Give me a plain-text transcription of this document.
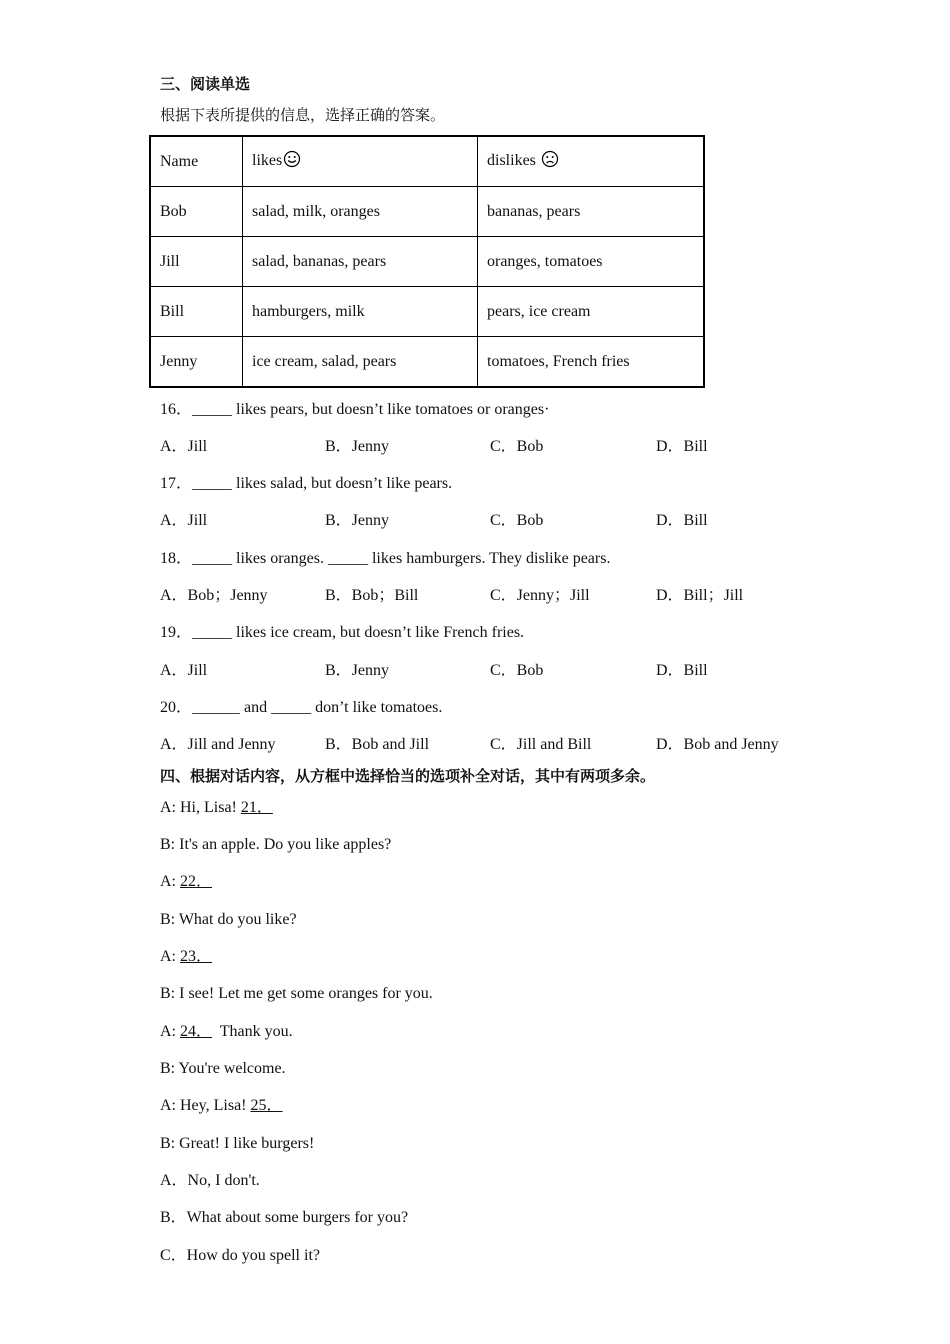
三、阅读单选
根据下表所提供的信息，选择正确的答案。
Name	likes	dislikes
Bob	salad, milk, oranges	bananas, pears
Jill	salad, bananas, pears	oranges, tomatoes
Bill	hamburgers, milk	pears, ice cream
Jenny	ice cream, salad, pears	tomatoes, French fries
16．_____ likes pears, but doesn’t like tomatoes or oranges·
A．Jill	B．Jenny	C．Bob	D．Bill
17．_____ likes salad, but doesn’t like pears.
A．Jill	B．Jenny	C．Bob	D．Bill
18．_____ likes oranges. _____ likes hamburgers. They dislike pears.
A．Bob；Jenny	B．Bob；Bill	C．Jenny；Jill	D．Bill；Jill
19．_____ likes ice cream, but doesn’t like French fries.
A．Jill	B．Jenny	C．Bob	D．Bill
20．______ and _____ don’t like tomatoes.
A．Jill and Jenny	B．Bob and Jill	C．Jill and Bill	D．Bob and Jenny
四、根据对话内容，从方框中选择恰当的选项补全对话，其中有两项多余。
A: Hi, Lisa! 21．
B: It's an apple. Do you like apples?
A: 22．
B: What do you like?
A: 23．
B: I see! Let me get some oranges for you.
A: 24．  Thank you.
B: You're welcome.
A: Hey, Lisa! 25．
B: Great! I like burgers!
A．No, I don't.
B．What about some burgers for you?
C．How do you spell it?
